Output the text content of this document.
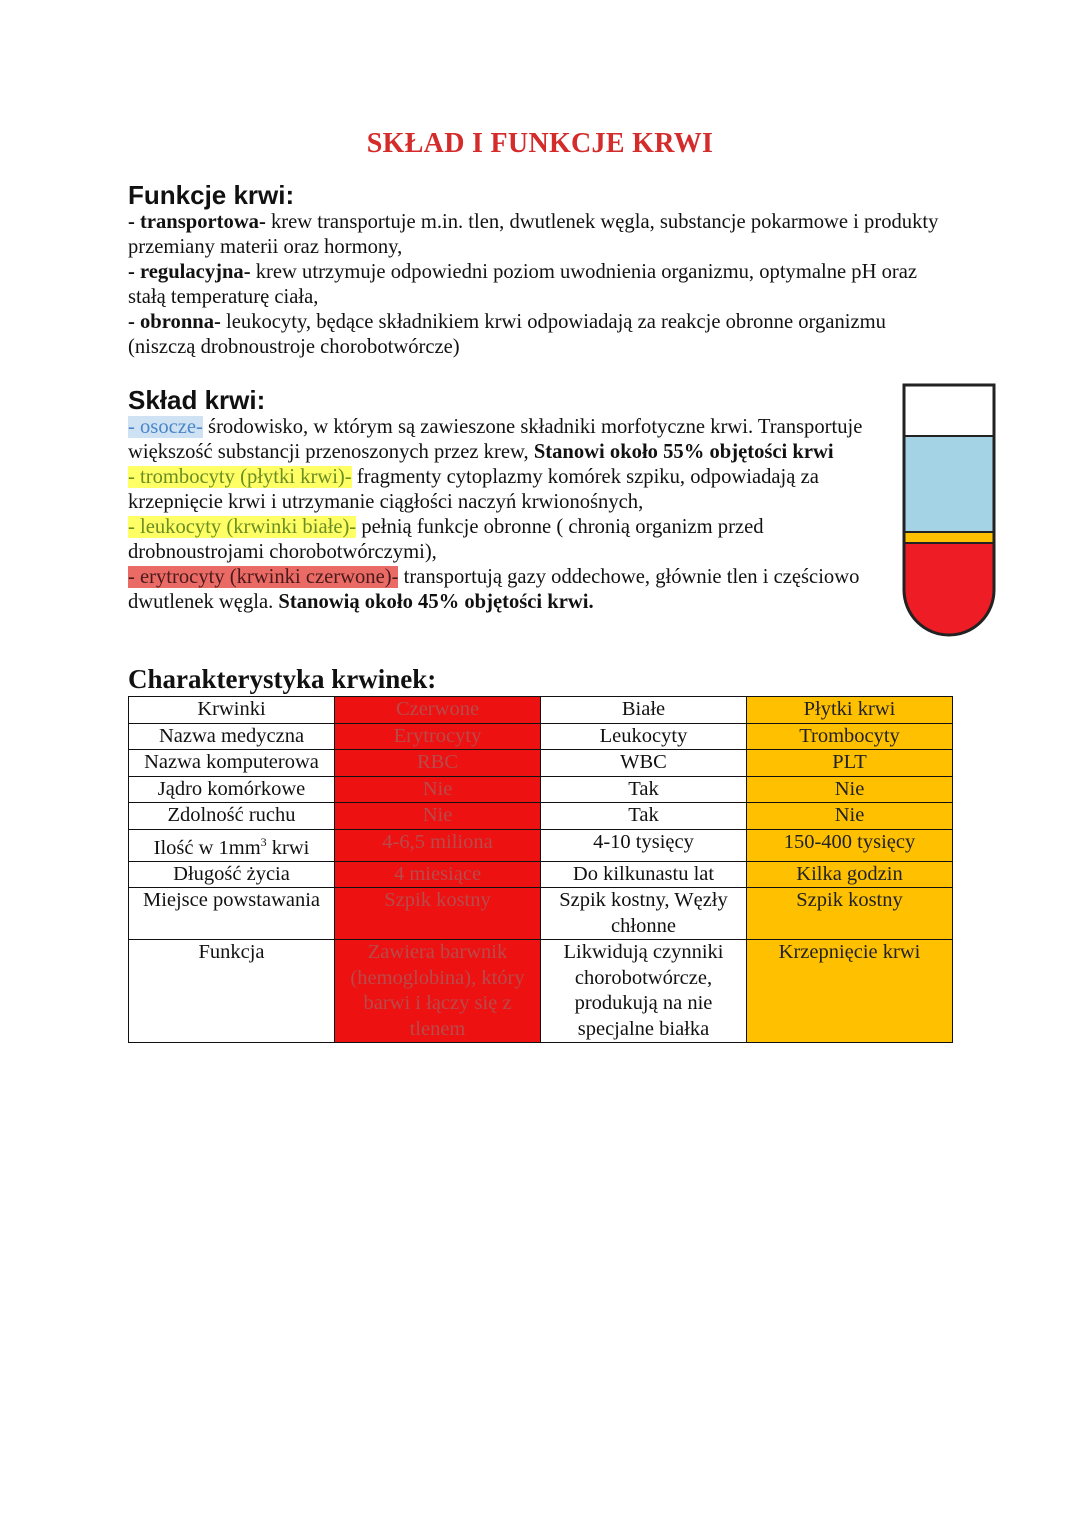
SKŁAD I FUNKCJE KRWI
Funkcje krwi:
- transportowa- krew transportuje m.in. tlen, dwutlenek węgla, substancje pokarmowe i produkty przemiany materii oraz hormony,
- regulacyjna- krew utrzymuje odpowiedni poziom uwodnienia organizmu, optymalne pH oraz stałą temperaturę ciała,
- obronna- leukocyty, będące składnikiem krwi odpowiadają za reakcje obronne organizmu (niszczą drobnoustroje chorobotwórcze)
Skład krwi:
- osocze- środowisko, w którym są zawieszone składniki morfotyczne krwi. Transportuje większość substancji przenoszonych przez krew, Stanowi około 55% objętości krwi
- trombocyty (płytki krwi)- fragmenty cytoplazmy komórek szpiku, odpowiadają za krzepnięcie krwi i utrzymanie ciągłości naczyń krwionośnych,
- leukocyty (krwinki białe)- pełnią funkcje obronne ( chronią organizm przed drobnoustrojami chorobotwórczymi),
- erytrocyty (krwinki czerwone)- transportują gazy oddechowe, głównie tlen i częściowo dwutlenek węgla. Stanowią około 45% objętości krwi.
Charakterystyka krwinek:
Krwinki	Czerwone	Białe	Płytki krwi
Nazwa medyczna	Erytrocyty	Leukocyty	Trombocyty
Nazwa komputerowa	RBC	WBC	PLT
Jądro komórkowe	Nie	Tak	Nie
Zdolność ruchu	Nie	Tak	Nie
Ilość w $1mm^3$ krwi	4-6,5 miliona	4-10 tysięcy	150-400 tysięcy
Długość życia	4 miesiące	Do kilkunastu lat	Kilka godzin
Miejsce powstawania	Szpik kostny	Szpik kostny, Węzły chłonne	Szpik kostny
Funkcja	Zawiera barwnik (hemoglobina), który barwi i łączy się z tlenem	Likwidują czynniki chorobotwórcze, produkują na nie specjalne białka	Krzepnięcie krwi
